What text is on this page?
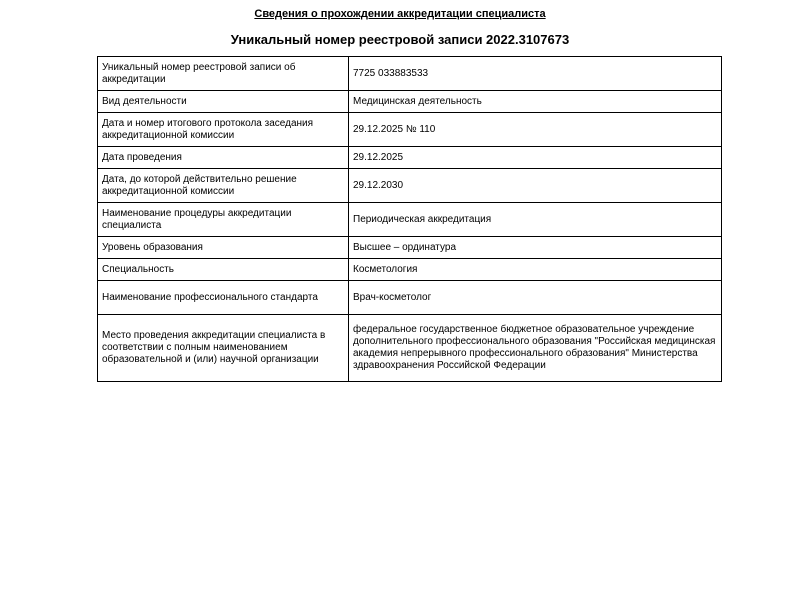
Сведения о прохождении аккредитации специалиста
Уникальный номер реестровой записи 2022.3107673
Уникальный номер реестровой записи об аккредитации	7725 033883533
Вид деятельности	Медицинская деятельность
Дата и номер итогового протокола заседания аккредитационной комиссии	29.12.2025 № 110
Дата проведения	29.12.2025
Дата, до которой действительно решение аккредитационной комиссии	29.12.2030
Наименование процедуры аккредитации специалиста	Периодическая аккредитация
Уровень образования	Высшее – ординатура
Специальность	Косметология
Наименование профессионального стандарта	Врач-косметолог
Место проведения аккредитации специалиста в соответствии с полным наименованием образовательной и (или) научной организации	федеральное государственное бюджетное образовательное учреждение дополнительного профессионального образования "Российская медицинская академия непрерывного профессионального образования" Министерства здравоохранения Российской Федерации
